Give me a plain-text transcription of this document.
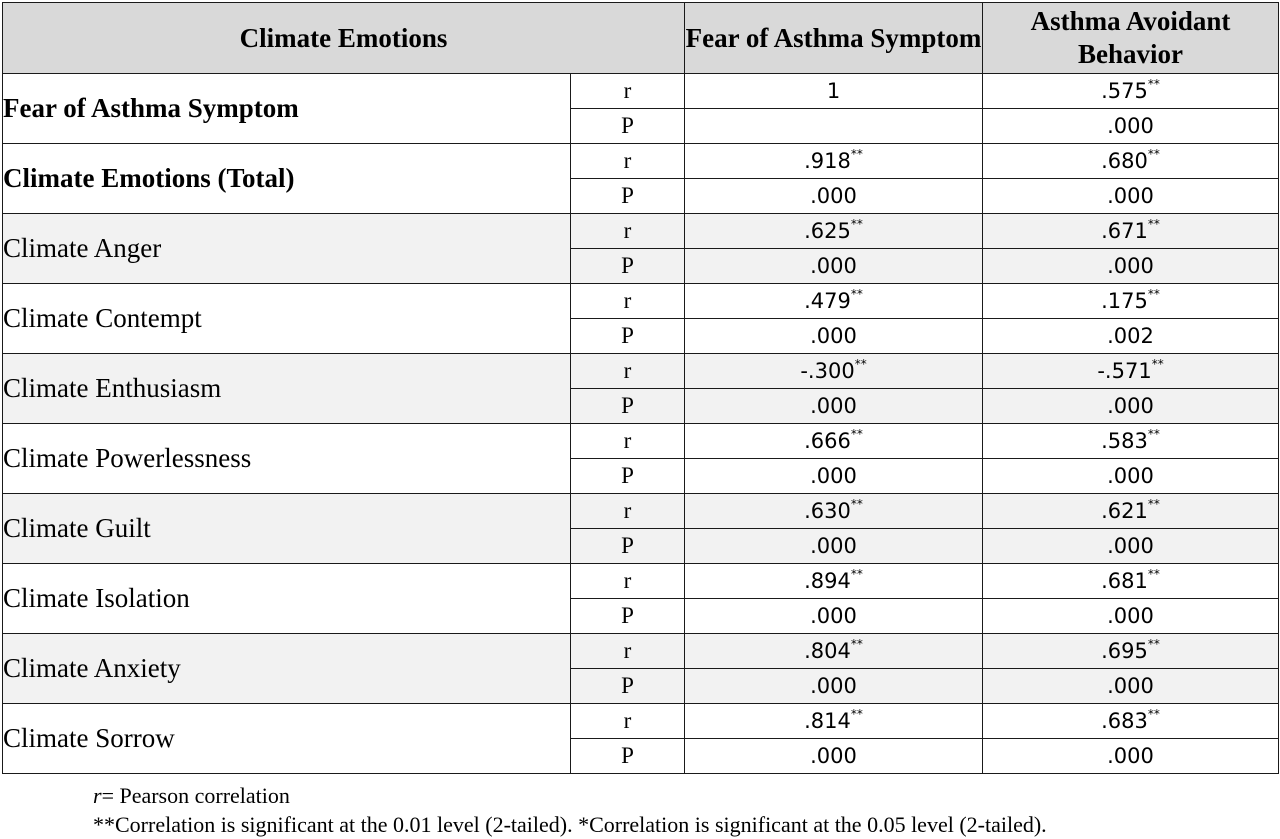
Climate Emotions		Fear of Asthma Symptom	Asthma Avoidant Behavior
Fear of Asthma Symptom	r	1	.575**
	P		.000
Climate Emotions (Total)	r	.918**	.680**
	P	.000	.000
Climate Anger	r	.625**	.671**
	P	.000	.000
Climate Contempt	r	.479**	.175**
	P	.000	.002
Climate Enthusiasm	r	-.300**	-.571**
	P	.000	.000
Climate Powerlessness	r	.666**	.583**
	P	.000	.000
Climate Guilt	r	.630**	.621**
	P	.000	.000
Climate Isolation	r	.894**	.681**
	P	.000	.000
Climate Anxiety	r	.804**	.695**
	P	.000	.000
Climate Sorrow	r	.814**	.683**
	P	.000	.000
r= Pearson correlation
**Correlation is significant at the 0.01 level (2-tailed). *Correlation is significant at the 0.05 level (2-tailed).
